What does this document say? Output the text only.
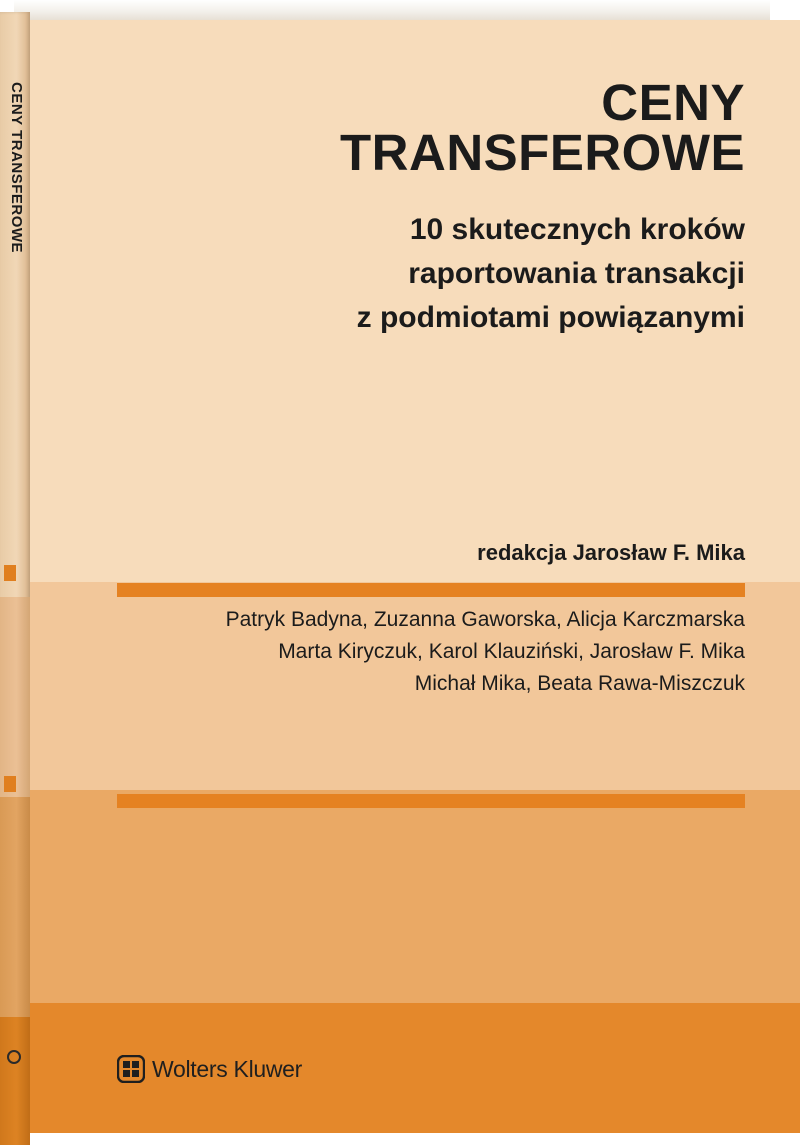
CENY TRANSFEROWE	CENY
TRANSFEROWE
10 skutecznych kroków
raportowania transakcji
z podmiotami powiązanymi
redakcja Jarosław F. Mika
Patryk Badyna, Zuzanna Gaworska, Alicja Karczmarska
Marta Kiryczuk, Karol Klauziński, Jarosław F. Mika
Michał Mika, Beata Rawa-Miszczuk
Wolters Kluwer
